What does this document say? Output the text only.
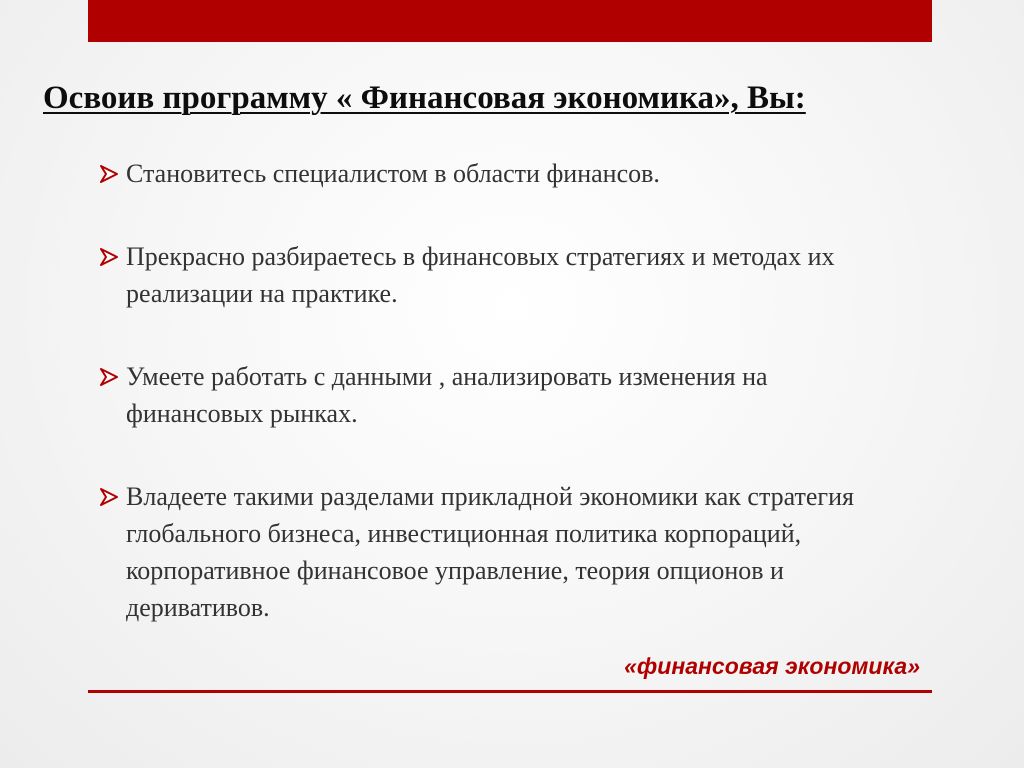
Освоив программу « Финансовая экономика», Вы:
Становитесь специалистом в области финансов.
Прекрасно разбираетесь в финансовых стратегиях и методах их реализации на практике.
Умеете работать с данными , анализировать изменения на финансовых рынках.
Владеете такими разделами прикладной экономики как стратегия глобального бизнеса, инвестиционная политика корпораций, корпоративное финансовое управление, теория опционов и деривативов.
«финансовая экономика»
